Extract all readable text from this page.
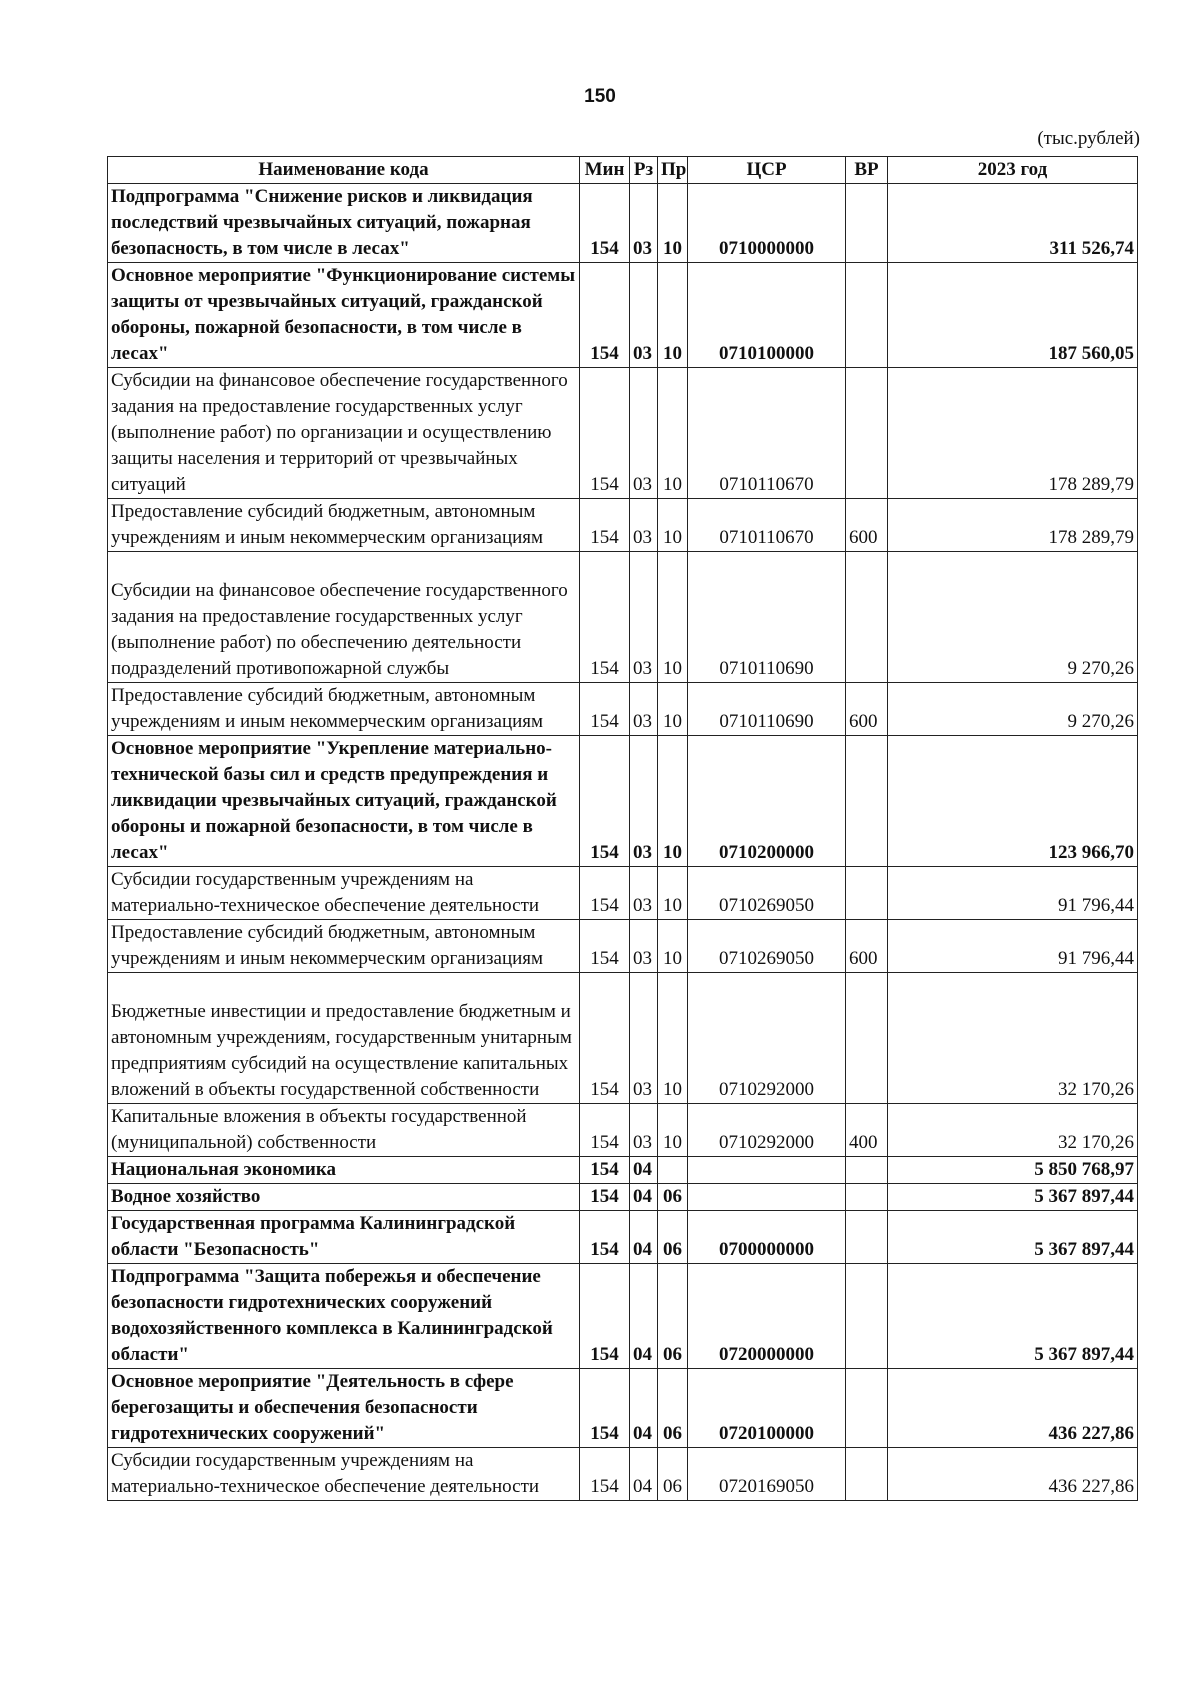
150
(тыс.рублей)
Наименование кода	Мин	Рз	Пр	ЦСР	ВР	2023 год
Подпрограмма "Снижение рисков и ликвидация последствий чрезвычайных ситуаций, пожарная безопасность, в том числе в лесах"	154	03	10	0710000000		311 526,74
Основное мероприятие "Функционирование системы защиты от чрезвычайных ситуаций, гражданской обороны, пожарной безопасности, в том числе в лесах"	154	03	10	0710100000		187 560,05
Субсидии на финансовое обеспечение государственного задания на предоставление государственных услуг (выполнение работ) по организации и осуществлению защиты населения и территорий от чрезвычайных ситуаций	154	03	10	0710110670		178 289,79
Предоставление субсидий бюджетным, автономным учреждениям и иным некоммерческим организациям	154	03	10	0710110670	600	178 289,79
Субсидии на финансовое обеспечение государственного задания на предоставление государственных услуг (выполнение работ) по обеспечению деятельности подразделений противопожарной службы	154	03	10	0710110690		9 270,26
Предоставление субсидий бюджетным, автономным учреждениям и иным некоммерческим организациям	154	03	10	0710110690	600	9 270,26
Основное мероприятие "Укрепление материально-технической базы сил и средств предупреждения и ликвидации чрезвычайных ситуаций, гражданской обороны и пожарной безопасности, в том числе в лесах"	154	03	10	0710200000		123 966,70
Субсидии государственным учреждениям на материально-техническое обеспечение деятельности	154	03	10	0710269050		91 796,44
Предоставление субсидий бюджетным, автономным учреждениям и иным некоммерческим организациям	154	03	10	0710269050	600	91 796,44
Бюджетные инвестиции и предоставление бюджетным и автономным учреждениям, государственным унитарным предприятиям субсидий на осуществление капитальных вложений в объекты государственной собственности	154	03	10	0710292000		32 170,26
Капитальные вложения в объекты государственной (муниципальной) собственности	154	03	10	0710292000	400	32 170,26
Национальная экономика	154	04				5 850 768,97
Водное хозяйство	154	04	06			5 367 897,44
Государственная программа Калининградской области "Безопасность"	154	04	06	0700000000		5 367 897,44
Подпрограмма "Защита побережья и обеспечение безопасности гидротехнических сооружений водохозяйственного комплекса в Калининградской области"	154	04	06	0720000000		5 367 897,44
Основное мероприятие "Деятельность в сфере берегозащиты и обеспечения безопасности гидротехнических сооружений"	154	04	06	0720100000		436 227,86
Субсидии государственным учреждениям на материально-техническое обеспечение деятельности	154	04	06	0720169050		436 227,86
